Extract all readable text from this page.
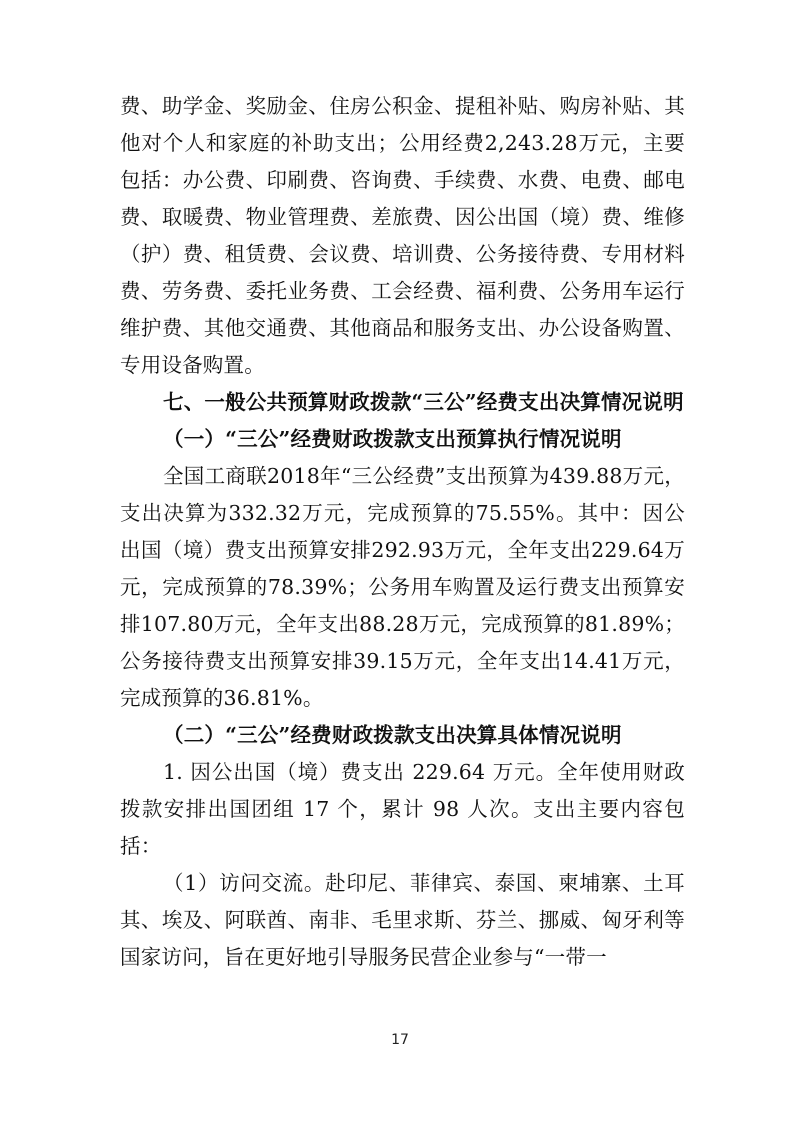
费、助学金、奖励金、住房公积金、提租补贴、购房补贴、其他对个人和家庭的补助支出；公用经费2,243.28万元，主要包括：办公费、印刷费、咨询费、手续费、水费、电费、邮电费、取暖费、物业管理费、差旅费、因公出国（境）费、维修（护）费、租赁费、会议费、培训费、公务接待费、专用材料费、劳务费、委托业务费、工会经费、福利费、公务用车运行维护费、其他交通费、其他商品和服务支出、办公设备购置、专用设备购置。

七、一般公共预算财政拨款“三公”经费支出决算情况说明

（一）“三公”经费财政拨款支出预算执行情况说明

全国工商联2018年“三公经费”支出预算为439.88万元，支出决算为332.32万元，完成预算的75.55%。其中：因公出国（境）费支出预算安排292.93万元，全年支出229.64万元，完成预算的78.39%；公务用车购置及运行费支出预算安排107.80万元，全年支出88.28万元，完成预算的81.89%；公务接待费支出预算安排39.15万元，全年支出14.41万元，完成预算的36.81%。

（二）“三公”经费财政拨款支出决算具体情况说明

1. 因公出国（境）费支出 229.64 万元。全年使用财政拨款安排出国团组 17 个，累计 98 人次。支出主要内容包括：

（1）访问交流。赴印尼、菲律宾、泰国、柬埔寨、土耳其、埃及、阿联酋、南非、毛里求斯、芬兰、挪威、匈牙利等国家访问，旨在更好地引导服务民营企业参与“一带一

17
